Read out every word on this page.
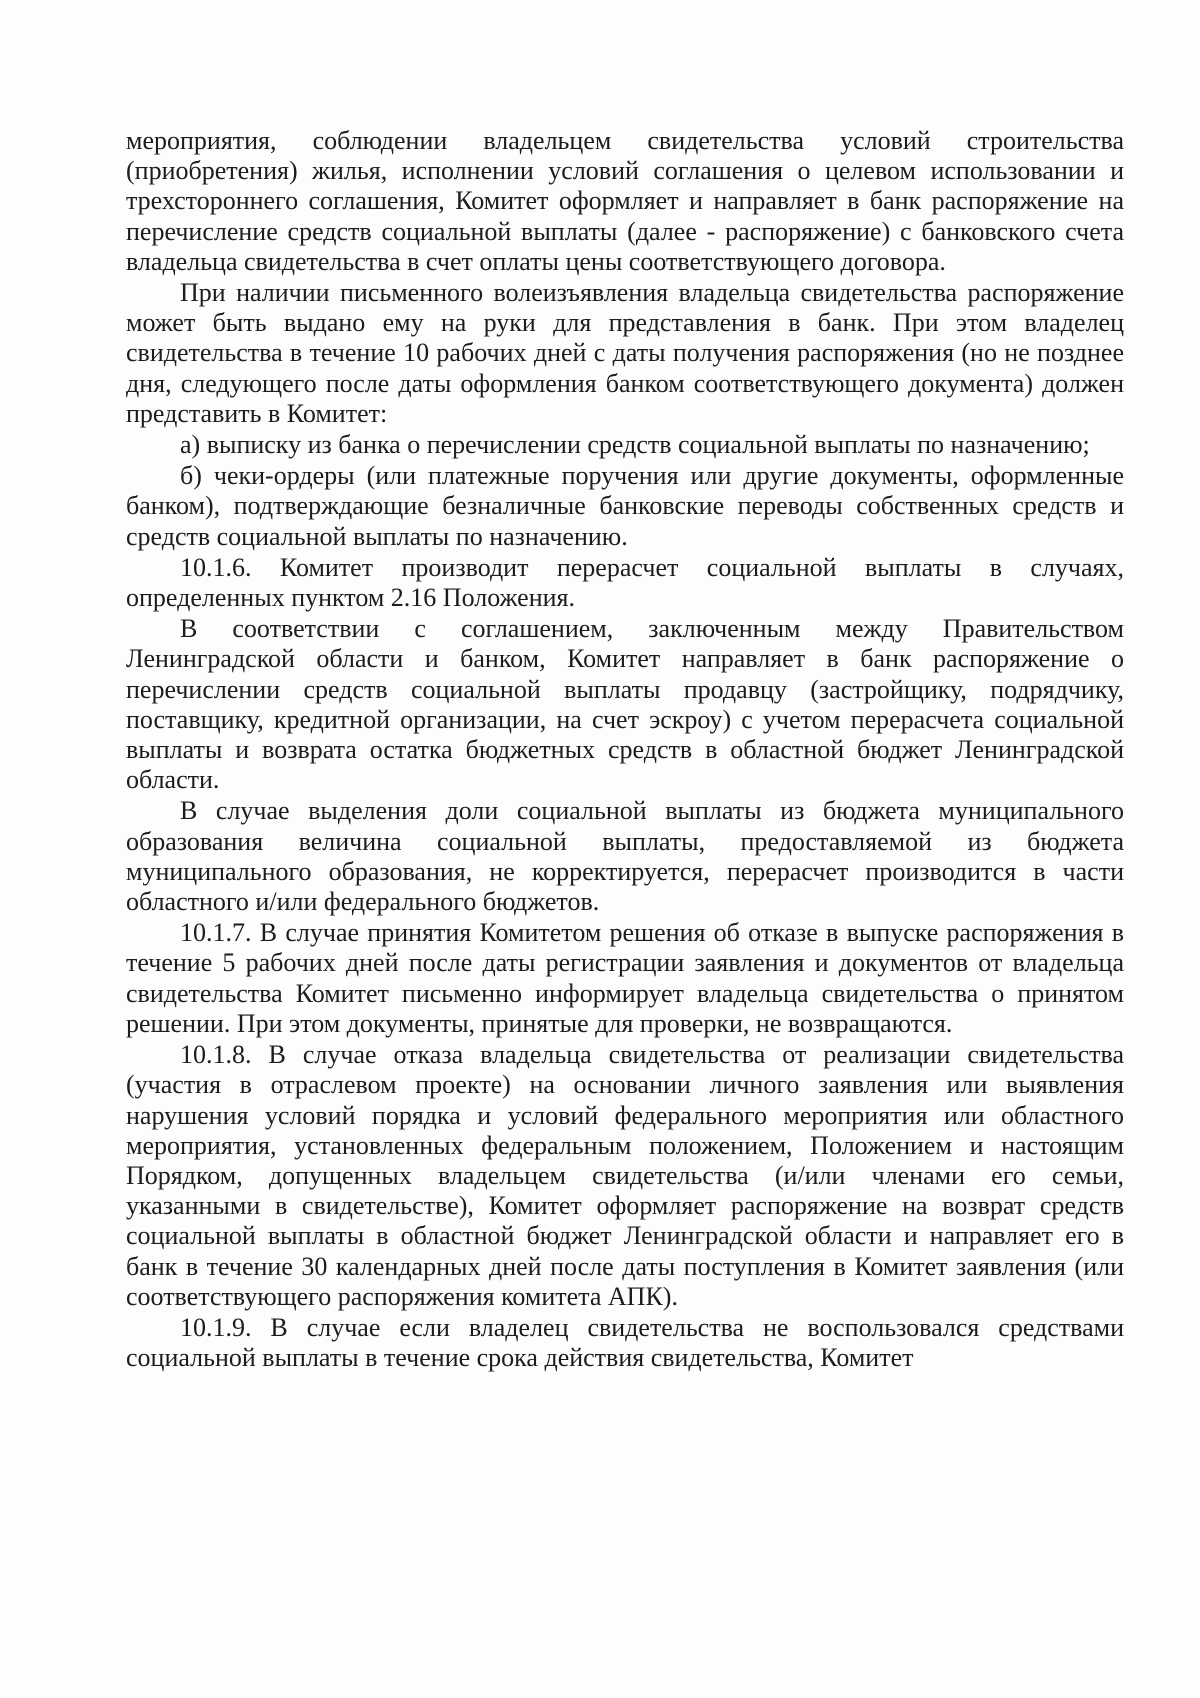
мероприятия, соблюдении владельцем свидетельства условий строительства (приобретения) жилья, исполнении условий соглашения о целевом использовании и трехстороннего соглашения, Комитет оформляет и направляет в банк распоряжение на перечисление средств социальной выплаты (далее - распоряжение) с банковского счета владельца свидетельства в счет оплаты цены соответствующего договора.

При наличии письменного волеизъявления владельца свидетельства распоряжение может быть выдано ему на руки для представления в банк. При этом владелец свидетельства в течение 10 рабочих дней с даты получения распоряжения (но не позднее дня, следующего после даты оформления банком соответствующего документа) должен представить в Комитет:

а) выписку из банка о перечислении средств социальной выплаты по назначению;

б) чеки-ордеры (или платежные поручения или другие документы, оформленные банком), подтверждающие безналичные банковские переводы собственных средств и средств социальной выплаты по назначению.

10.1.6. Комитет производит перерасчет социальной выплаты в случаях, определенных пунктом 2.16 Положения.

В соответствии с соглашением, заключенным между Правительством Ленинградской области и банком, Комитет направляет в банк распоряжение о перечислении средств социальной выплаты продавцу (застройщику, подрядчику, поставщику, кредитной организации, на счет эскроу) с учетом перерасчета социальной выплаты и возврата остатка бюджетных средств в областной бюджет Ленинградской области.

В случае выделения доли социальной выплаты из бюджета муниципального образования величина социальной выплаты, предоставляемой из бюджета муниципального образования, не корректируется, перерасчет производится в части областного и/или федерального бюджетов.

10.1.7. В случае принятия Комитетом решения об отказе в выпуске распоряжения в течение 5 рабочих дней после даты регистрации заявления и документов от владельца свидетельства Комитет письменно информирует владельца свидетельства о принятом решении. При этом документы, принятые для проверки, не возвращаются.

10.1.8. В случае отказа владельца свидетельства от реализации свидетельства (участия в отраслевом проекте) на основании личного заявления или выявления нарушения условий порядка и условий федерального мероприятия или областного мероприятия, установленных федеральным положением, Положением и настоящим Порядком, допущенных владельцем свидетельства (и/или членами его семьи, указанными в свидетельстве), Комитет оформляет распоряжение на возврат средств социальной выплаты в областной бюджет Ленинградской области и направляет его в банк в течение 30 календарных дней после даты поступления в Комитет заявления (или соответствующего распоряжения комитета АПК).

10.1.9. В случае если владелец свидетельства не воспользовался средствами социальной выплаты в течение срока действия свидетельства, Комитет
